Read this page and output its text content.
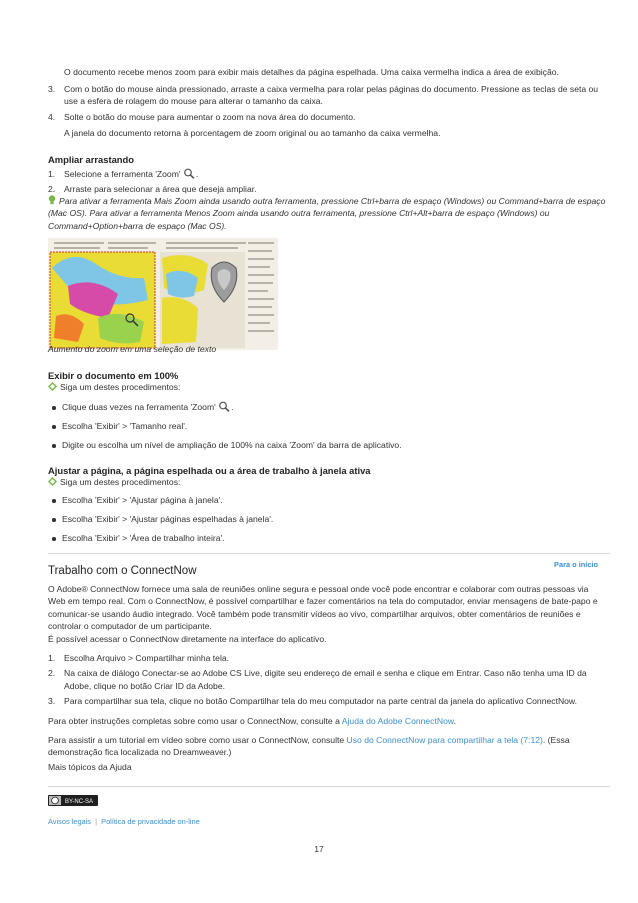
O documento recebe menos zoom para exibir mais detalhes da página espelhada. Uma caixa vermelha indica a área de exibição.
3. Com o botão do mouse ainda pressionado, arraste a caixa vermelha para rolar pelas páginas do documento. Pressione as teclas de seta ou use a esfera de rolagem do mouse para alterar o tamanho da caixa.
4. Solte o botão do mouse para aumentar o zoom na nova área do documento.
A janela do documento retorna à porcentagem de zoom original ou ao tamanho da caixa vermelha.
Ampliar arrastando
1. Selecione a ferramenta 'Zoom' .
2. Arraste para selecionar a área que deseja ampliar.
Para ativar a ferramenta Mais Zoom ainda usando outra ferramenta, pressione Ctrl+barra de espaço (Windows) ou Command+barra de espaço (Mac OS). Para ativar a ferramenta Menos Zoom ainda usando outra ferramenta, pressione Ctrl+Alt+barra de espaço (Windows) ou Command+Option+barra de espaço (Mac OS).
Aumento do zoom em uma seleção de texto
Exibir o documento em 100%
Siga um destes procedimentos:
Clique duas vezes na ferramenta 'Zoom' .
Escolha 'Exibir' > 'Tamanho real'.
Digite ou escolha um nível de ampliação de 100% na caixa 'Zoom' da barra de aplicativo.
Ajustar a página, a página espelhada ou a área de trabalho à janela ativa
Siga um destes procedimentos:
Escolha 'Exibir' > 'Ajustar página à janela'.
Escolha 'Exibir' > 'Ajustar páginas espelhadas à janela'.
Escolha 'Exibir' > 'Área de trabalho inteira'.
Para o início
Trabalho com o ConnectNow
O Adobe® ConnectNow fornece uma sala de reuniões online segura e pessoal onde você pode encontrar e colaborar com outras pessoas via Web em tempo real. Com o ConnectNow, é possível compartilhar e fazer comentários na tela do computador, enviar mensagens de bate-papo e comunicar-se usando áudio integrado. Você também pode transmitir vídeos ao vivo, compartilhar arquivos, obter comentários de reuniões e controlar o computador de um participante.
É possível acessar o ConnectNow diretamente na interface do aplicativo.
1. Escolha Arquivo > Compartilhar minha tela.
2. Na caixa de diálogo Conectar-se ao Adobe CS Live, digite seu endereço de email e senha e clique em Entrar. Caso não tenha uma ID da Adobe, clique no botão Criar ID da Adobe.
3. Para compartilhar sua tela, clique no botão Compartilhar tela do meu computador na parte central da janela do aplicativo ConnectNow.
Para obter instruções completas sobre como usar o ConnectNow, consulte a Ajuda do Adobe ConnectNow.
Para assistir a um tutorial em vídeo sobre como usar o ConnectNow, consulte Uso do ConnectNow para compartilhar a tela (7:12). (Essa demonstração fica localizada no Dreamweaver.)
Mais tópicos da Ajuda
BY-NC-SA
Avisos legais | Política de privacidade on-line
17
